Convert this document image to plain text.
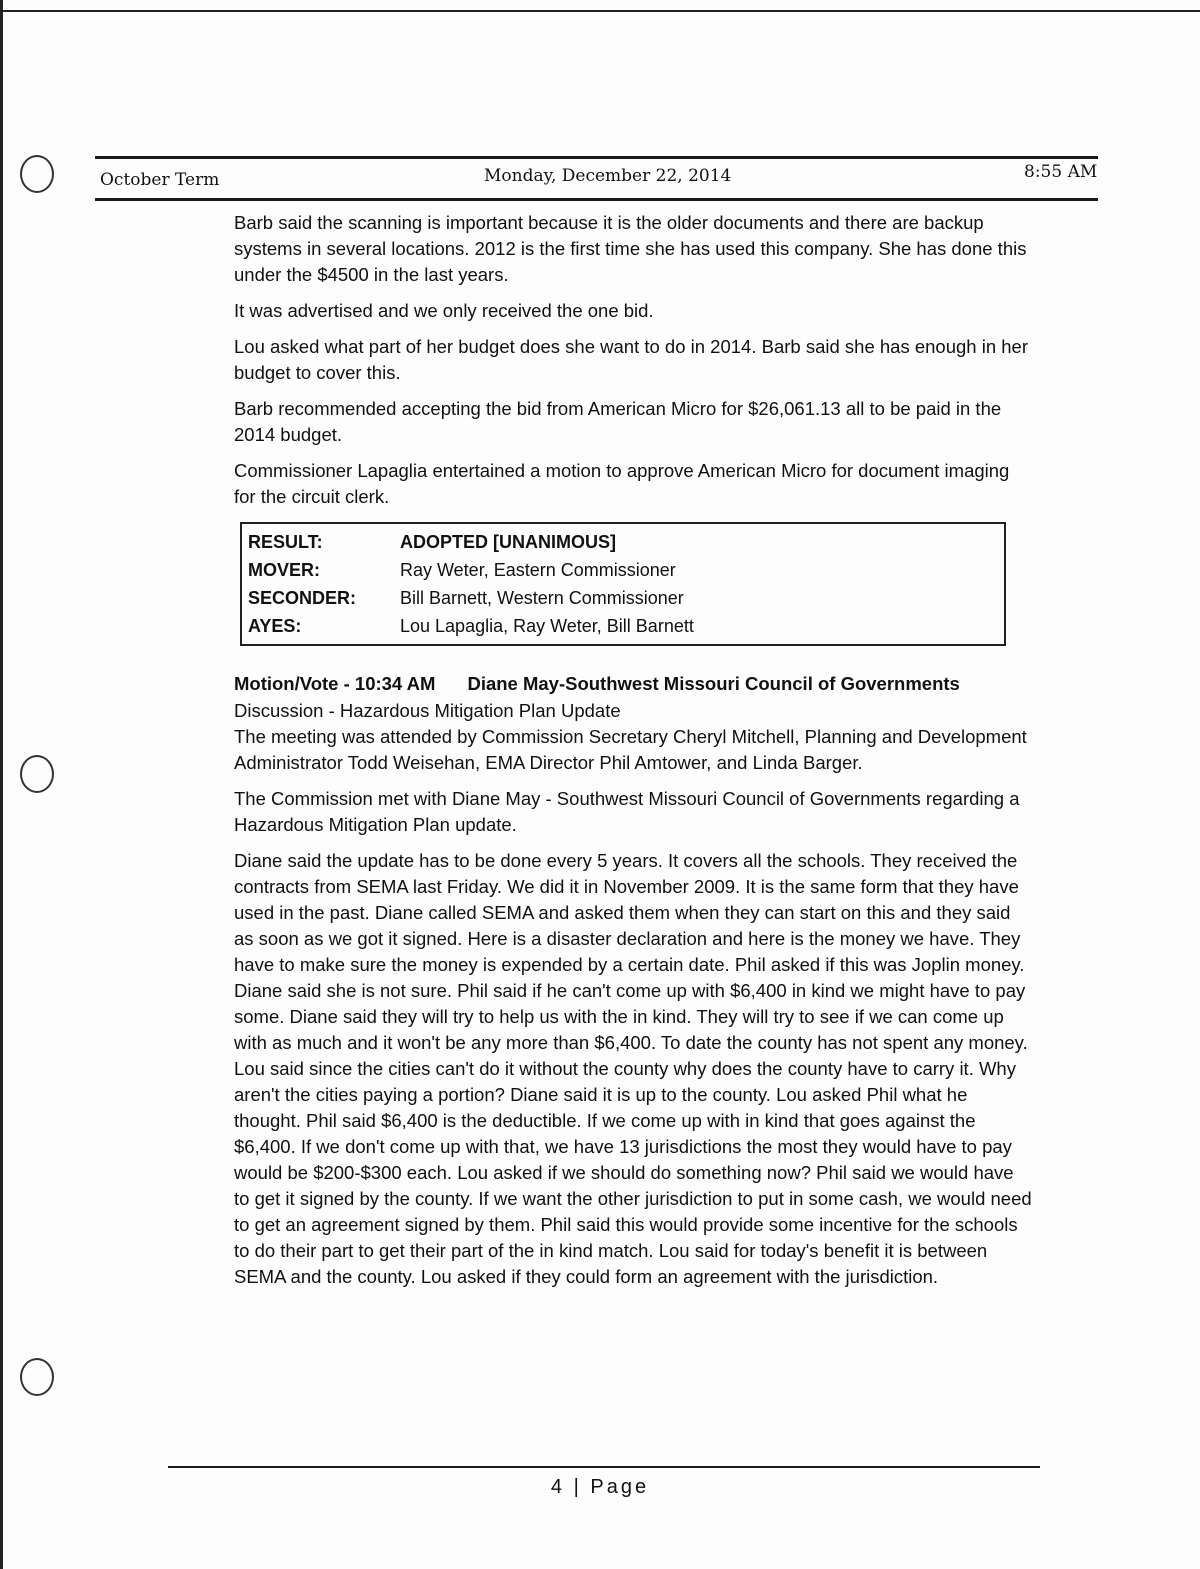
October Term	Monday, December 22, 2014	8:55 AM

Barb said the scanning is important because it is the older documents and there are backup systems in several locations. 2012 is the first time she has used this company. She has done this under the $4500 in the last years.

It was advertised and we only received the one bid.

Lou asked what part of her budget does she want to do in 2014. Barb said she has enough in her budget to cover this.

Barb recommended accepting the bid from American Micro for $26,061.13 all to be paid in the 2014 budget.

Commissioner Lapaglia entertained a motion to approve American Micro for document imaging for the circuit clerk.

RESULT:	ADOPTED [UNANIMOUS]
MOVER:	Ray Weter, Eastern Commissioner
SECONDER:	Bill Barnett, Western Commissioner
AYES:	Lou Lapaglia, Ray Weter, Bill Barnett
Motion/Vote - 10:34 AM Diane May-Southwest Missouri Council of Governments
Discussion - Hazardous Mitigation Plan Update

The meeting was attended by Commission Secretary Cheryl Mitchell, Planning and Development Administrator Todd Weisehan, EMA Director Phil Amtower, and Linda Barger.

The Commission met with Diane May - Southwest Missouri Council of Governments regarding a Hazardous Mitigation Plan update.

Diane said the update has to be done every 5 years. It covers all the schools. They received the contracts from SEMA last Friday. We did it in November 2009. It is the same form that they have used in the past. Diane called SEMA and asked them when they can start on this and they said as soon as we got it signed. Here is a disaster declaration and here is the money we have. They have to make sure the money is expended by a certain date. Phil asked if this was Joplin money. Diane said she is not sure. Phil said if he can't come up with $6,400 in kind we might have to pay some. Diane said they will try to help us with the in kind. They will try to see if we can come up with as much and it won't be any more than $6,400. To date the county has not spent any money. Lou said since the cities can't do it without the county why does the county have to carry it. Why aren't the cities paying a portion? Diane said it is up to the county. Lou asked Phil what he thought. Phil said $6,400 is the deductible. If we come up with in kind that goes against the $6,400. If we don't come up with that, we have 13 jurisdictions the most they would have to pay would be $200-$300 each. Lou asked if we should do something now? Phil said we would have to get it signed by the county. If we want the other jurisdiction to put in some cash, we would need to get an agreement signed by them. Phil said this would provide some incentive for the schools to do their part to get their part of the in kind match. Lou said for today's benefit it is between SEMA and the county. Lou asked if they could form an agreement with the jurisdiction.

4 | Page
